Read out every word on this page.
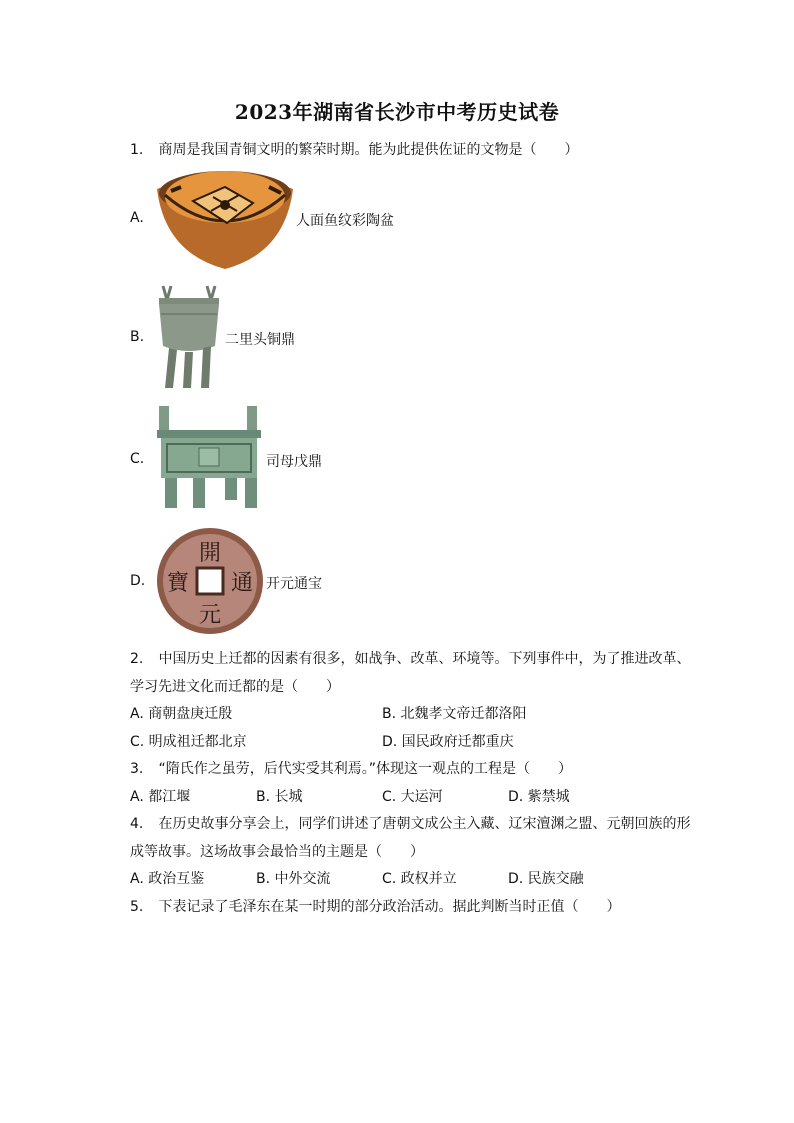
2023年湖南省长沙市中考历史试卷
1. 商周是我国青铜文明的繁荣时期。能为此提供佐证的文物是（　　）
A.	人面鱼纹彩陶盆
B.	二里头铜鼎
C.	司母戊鼎
D.
開
元
寶 通 开元通宝
2. 中国历史上迁都的因素有很多，如战争、改革、环境等。下列事件中，为了推进改革、
学习先进文化而迁都的是（　　）
A. 商朝盘庚迁殷	B. 北魏孝文帝迁都洛阳
C. 明成祖迁都北京	D. 国民政府迁都重庆
3. “隋氏作之虽劳，后代实受其利焉。”体现这一观点的工程是（　　）
A. 都江堰	B. 长城	C. 大运河	D. 紫禁城
4. 在历史故事分享会上，同学们讲述了唐朝文成公主入藏、辽宋澶渊之盟、元朝回族的形
成等故事。这场故事会最恰当的主题是（　　）
A. 政治互鉴	B. 中外交流	C. 政权并立	D. 民族交融
5. 下表记录了毛泽东在某一时期的部分政治活动。据此判断当时正值（　　）
